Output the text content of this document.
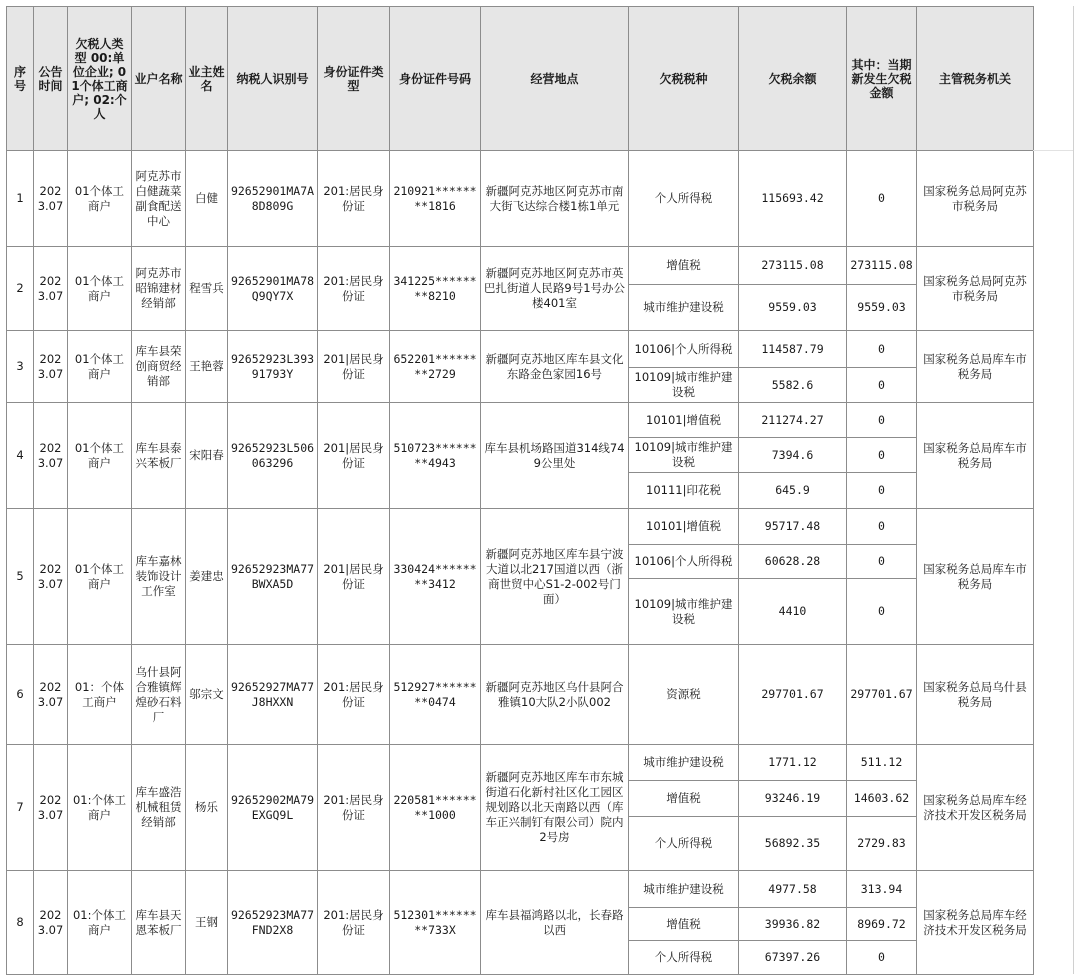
序号	公告时间	欠税人类型 00:单位企业; 01个体工商户; 02:个人	业户名称	业主姓名	纳税人识别号	身份证件类型	身份证件号码	经营地点	欠税税种	欠税余额	其中：当期新发生欠税金额	主管税务机关
1	2023.07	01个体工商户	阿克苏市白健蔬菜副食配送中心	白健	92652901MA7A8D809G	201:居民身份证	210921********1816	新疆阿克苏地区阿克苏市南大街飞达综合楼1栋1单元	个人所得税	115693.42	0	国家税务总局阿克苏市税务局
2	2023.07	01个体工商户	阿克苏市昭锦建材经销部	程雪兵	92652901MA78Q9QY7X	201:居民身份证	341225********8210	新疆阿克苏地区阿克苏市英巴扎街道人民路9号1号办公楼401室	增值税	273115.08	273115.08	国家税务总局阿克苏市税务局
									城市维护建设税	9559.03	9559.03	
3	2023.07	01个体工商户	库车县荣创商贸经销部	王艳蓉	92652923L39391793Y	201|居民身份证	652201********2729	新疆阿克苏地区库车县文化东路金色家园16号	10106|个人所得税	114587.79	0	国家税务总局库车市税务局
									10109|城市维护建设税	5582.6	0	
4	2023.07	01个体工商户	库车县泰兴苯板厂	宋阳春	92652923L506063296	201|居民身份证	510723********4943	库车县机场路国道314线749公里处	10101|增值税	211274.27	0	国家税务总局库车市税务局
									10109|城市维护建设税	7394.6	0	
									10111|印花税	645.9	0	
5	2023.07	01个体工商户	库车嘉林装饰设计工作室	姜建忠	92652923MA77BWXA5D	201|居民身份证	330424********3412	新疆阿克苏地区库车县宁波大道以北217国道以西（浙商世贸中心S1-2-002号门面）	10101|增值税	95717.48	0	国家税务总局库车市税务局
									10106|个人所得税	60628.28	0	
									10109|城市维护建设税	4410	0	
6	2023.07	01：个体工商户	乌什县阿合雅镇辉煌砂石料厂	邬宗文	92652927MA77J8HXXN	201:居民身份证	512927********0474	新疆阿克苏地区乌什县阿合雅镇10大队2小队002	资源税	297701.67	297701.67	国家税务总局乌什县税务局
7	2023.07	01:个体工商户	库车盛浩机械租赁经销部	杨乐	92652902MA79EXGQ9L	201:居民身份证	220581********1000	新疆阿克苏地区库车市东城街道石化新村社区化工园区规划路以北天南路以西（库车正兴制钉有限公司）院内2号房	城市维护建设税	1771.12	511.12	国家税务总局库车经济技术开发区税务局
									增值税	93246.19	14603.62	
									个人所得税	56892.35	2729.83	
8	2023.07	01:个体工商户	库车县天恩苯板厂	王钢	92652923MA77FND2X8	201:居民身份证	512301********733X	库车县福鸿路以北，长春路以西	城市维护建设税	4977.58	313.94	国家税务总局库车经济技术开发区税务局
									增值税	39936.82	8969.72	
									个人所得税	67397.26	0	
